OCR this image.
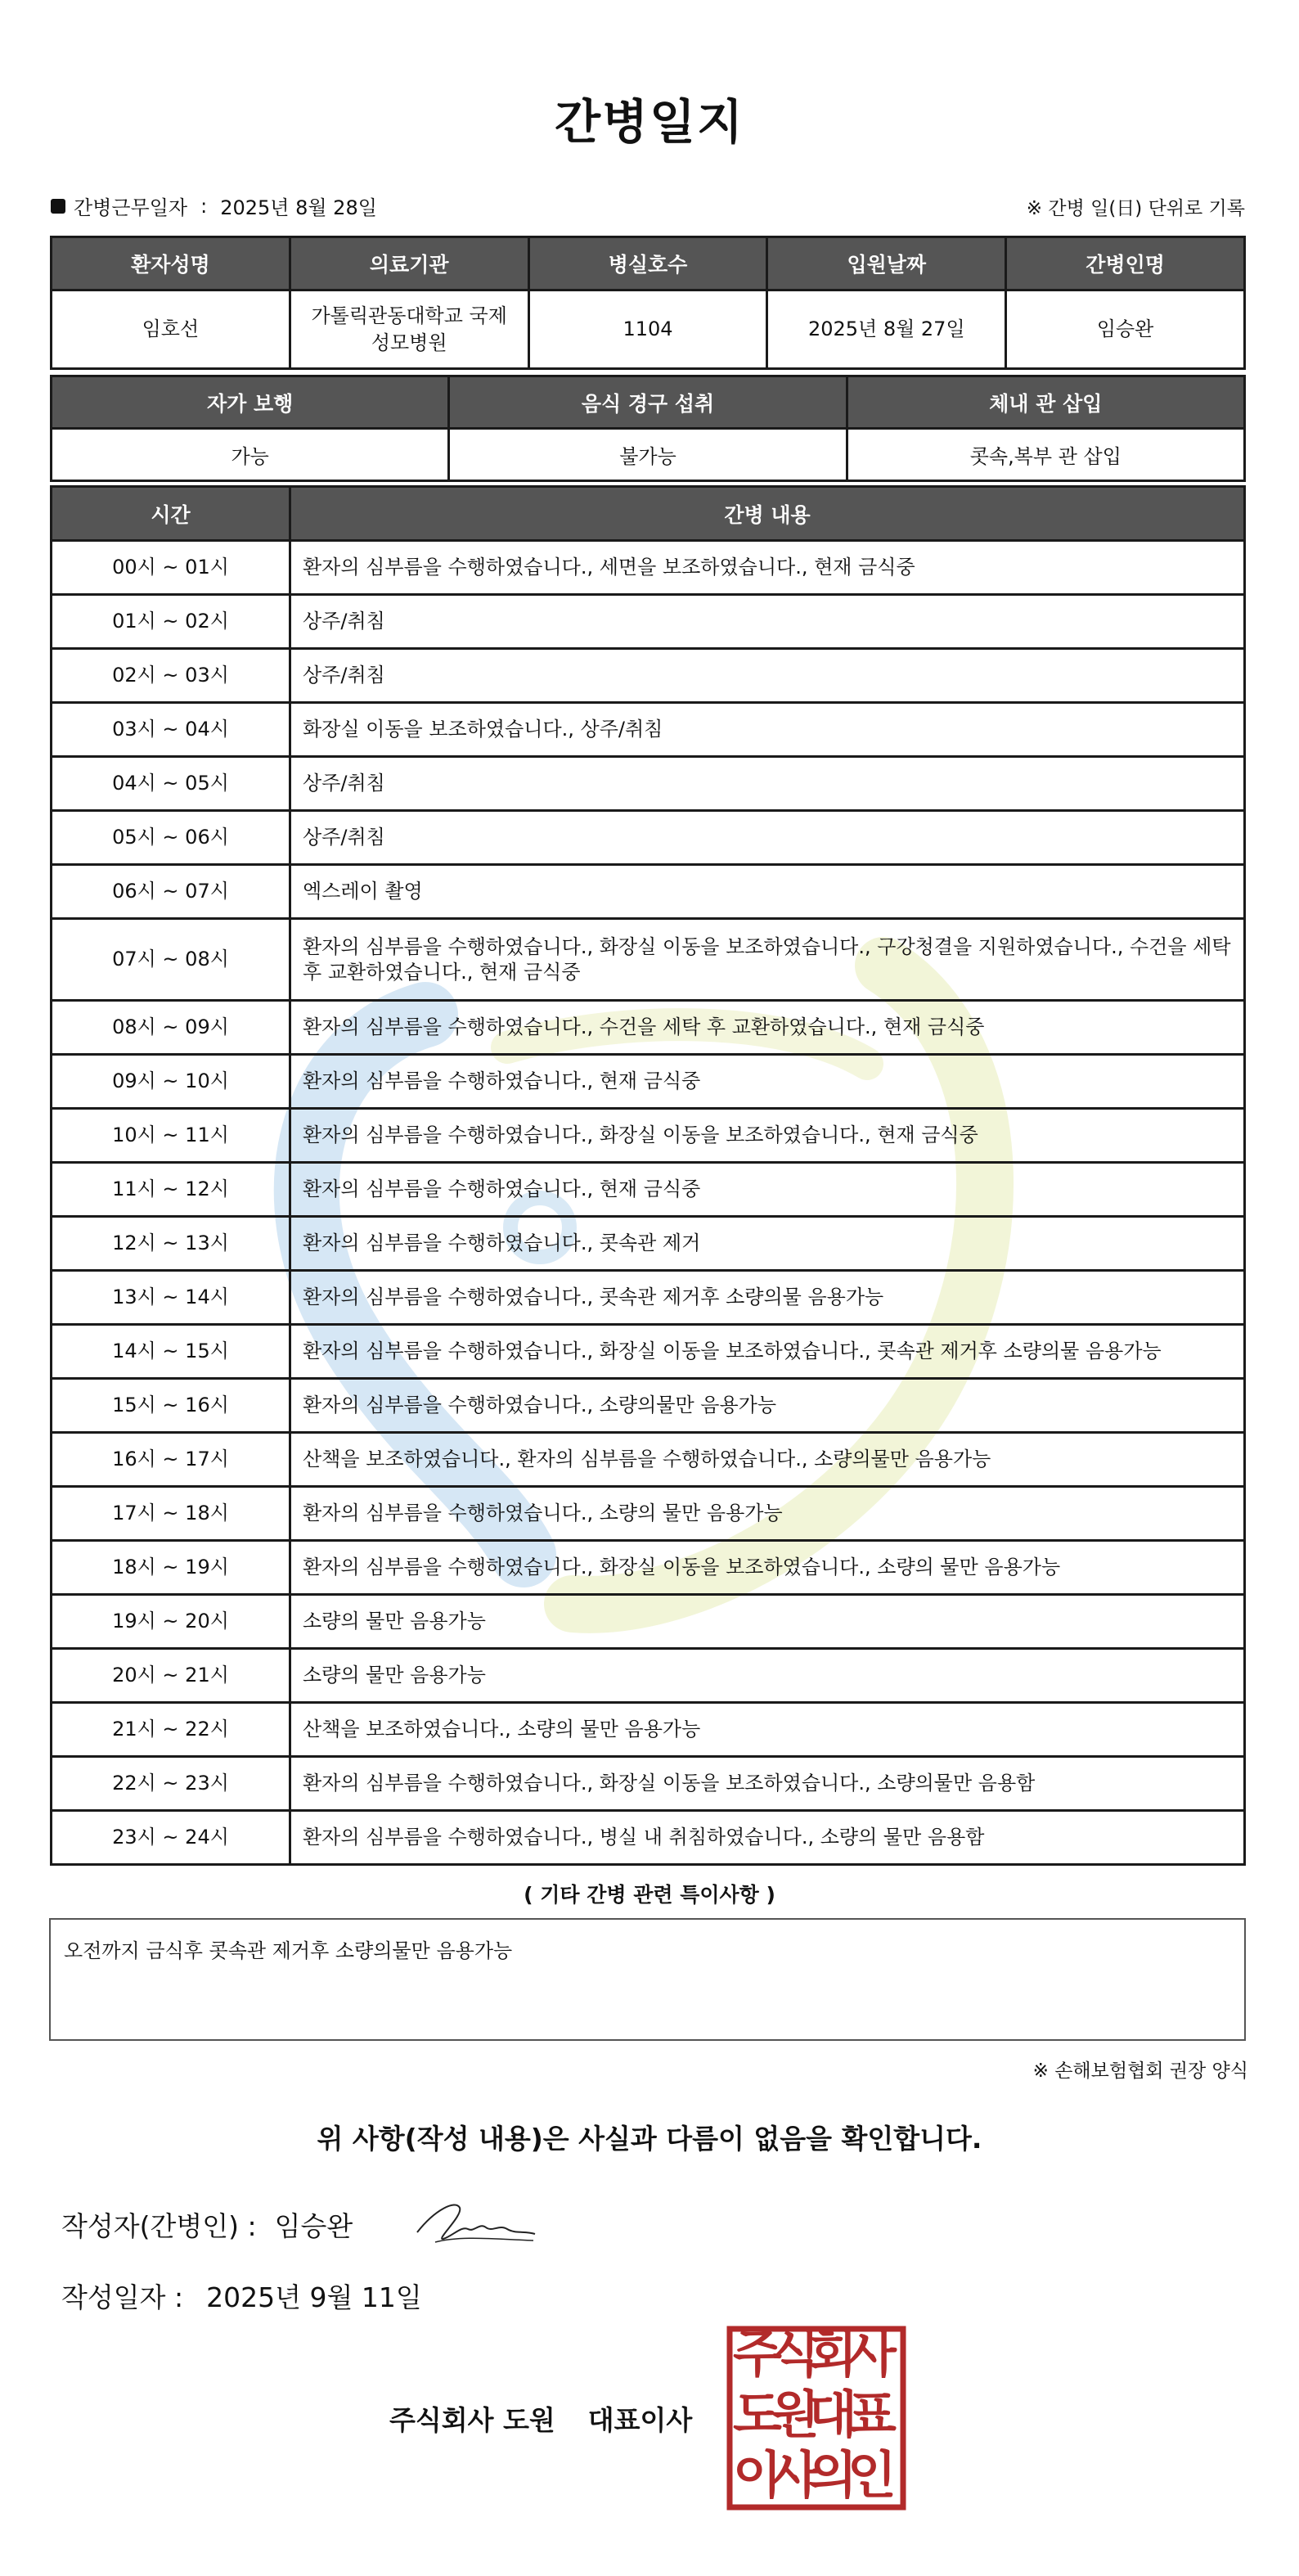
간병일지
간병근무일자 : 2025년 8월 28일	※ 간병 일(日) 단위로 기록
환자성명	의료기관	병실호수	입원날짜	간병인명
임호선	가톨릭관동대학교 국제성모병원	1104	2025년 8월 27일	임승완
자가 보행	음식 경구 섭취	체내 관 삽입
가능	불가능	콧속,복부 관 삽입
시간	간병 내용
00시 ~ 01시	환자의 심부름을 수행하였습니다., 세면을 보조하였습니다., 현재 금식중
01시 ~ 02시	상주/취침
02시 ~ 03시	상주/취침
03시 ~ 04시	화장실 이동을 보조하였습니다., 상주/취침
04시 ~ 05시	상주/취침
05시 ~ 06시	상주/취침
06시 ~ 07시	엑스레이 촬영
07시 ~ 08시	환자의 심부름을 수행하였습니다., 화장실 이동을 보조하였습니다., 구강청결을 지원하였습니다., 수건을 세탁 후 교환하였습니다., 현재 금식중
08시 ~ 09시	환자의 심부름을 수행하였습니다., 수건을 세탁 후 교환하였습니다., 현재 금식중
09시 ~ 10시	환자의 심부름을 수행하였습니다., 현재 금식중
10시 ~ 11시	환자의 심부름을 수행하였습니다., 화장실 이동을 보조하였습니다., 현재 금식중
11시 ~ 12시	환자의 심부름을 수행하였습니다., 현재 금식중
12시 ~ 13시	환자의 심부름을 수행하였습니다., 콧속관 제거
13시 ~ 14시	환자의 심부름을 수행하였습니다., 콧속관 제거후 소량의물 음용가능
14시 ~ 15시	환자의 심부름을 수행하였습니다., 화장실 이동을 보조하였습니다., 콧속관 제거후 소량의물 음용가능
15시 ~ 16시	환자의 심부름을 수행하였습니다., 소량의물만 음용가능
16시 ~ 17시	산책을 보조하였습니다., 환자의 심부름을 수행하였습니다., 소량의물만 음용가능
17시 ~ 18시	환자의 심부름을 수행하였습니다., 소량의 물만 음용가능
18시 ~ 19시	환자의 심부름을 수행하였습니다., 화장실 이동을 보조하였습니다., 소량의 물만 음용가능
19시 ~ 20시	소량의 물만 음용가능
20시 ~ 21시	소량의 물만 음용가능
21시 ~ 22시	산책을 보조하였습니다., 소량의 물만 음용가능
22시 ~ 23시	환자의 심부름을 수행하였습니다., 화장실 이동을 보조하였습니다., 소량의물만 음용함
23시 ~ 24시	환자의 심부름을 수행하였습니다., 병실 내 취침하였습니다., 소량의 물만 음용함
( 기타 간병 관련 특이사항 )
오전까지 금식후 콧속관 제거후 소량의물만 음용가능
※ 손해보험협회 권장 양식
위 사항(작성 내용)은 사실과 다름이 없음을 확인합니다.
작성자(간병인) : 임승완
작성일자 : 2025년 9월 11일
주식회사 도원 대표이사
주
식
회
사
도
원
대
표
이
사
의
인
